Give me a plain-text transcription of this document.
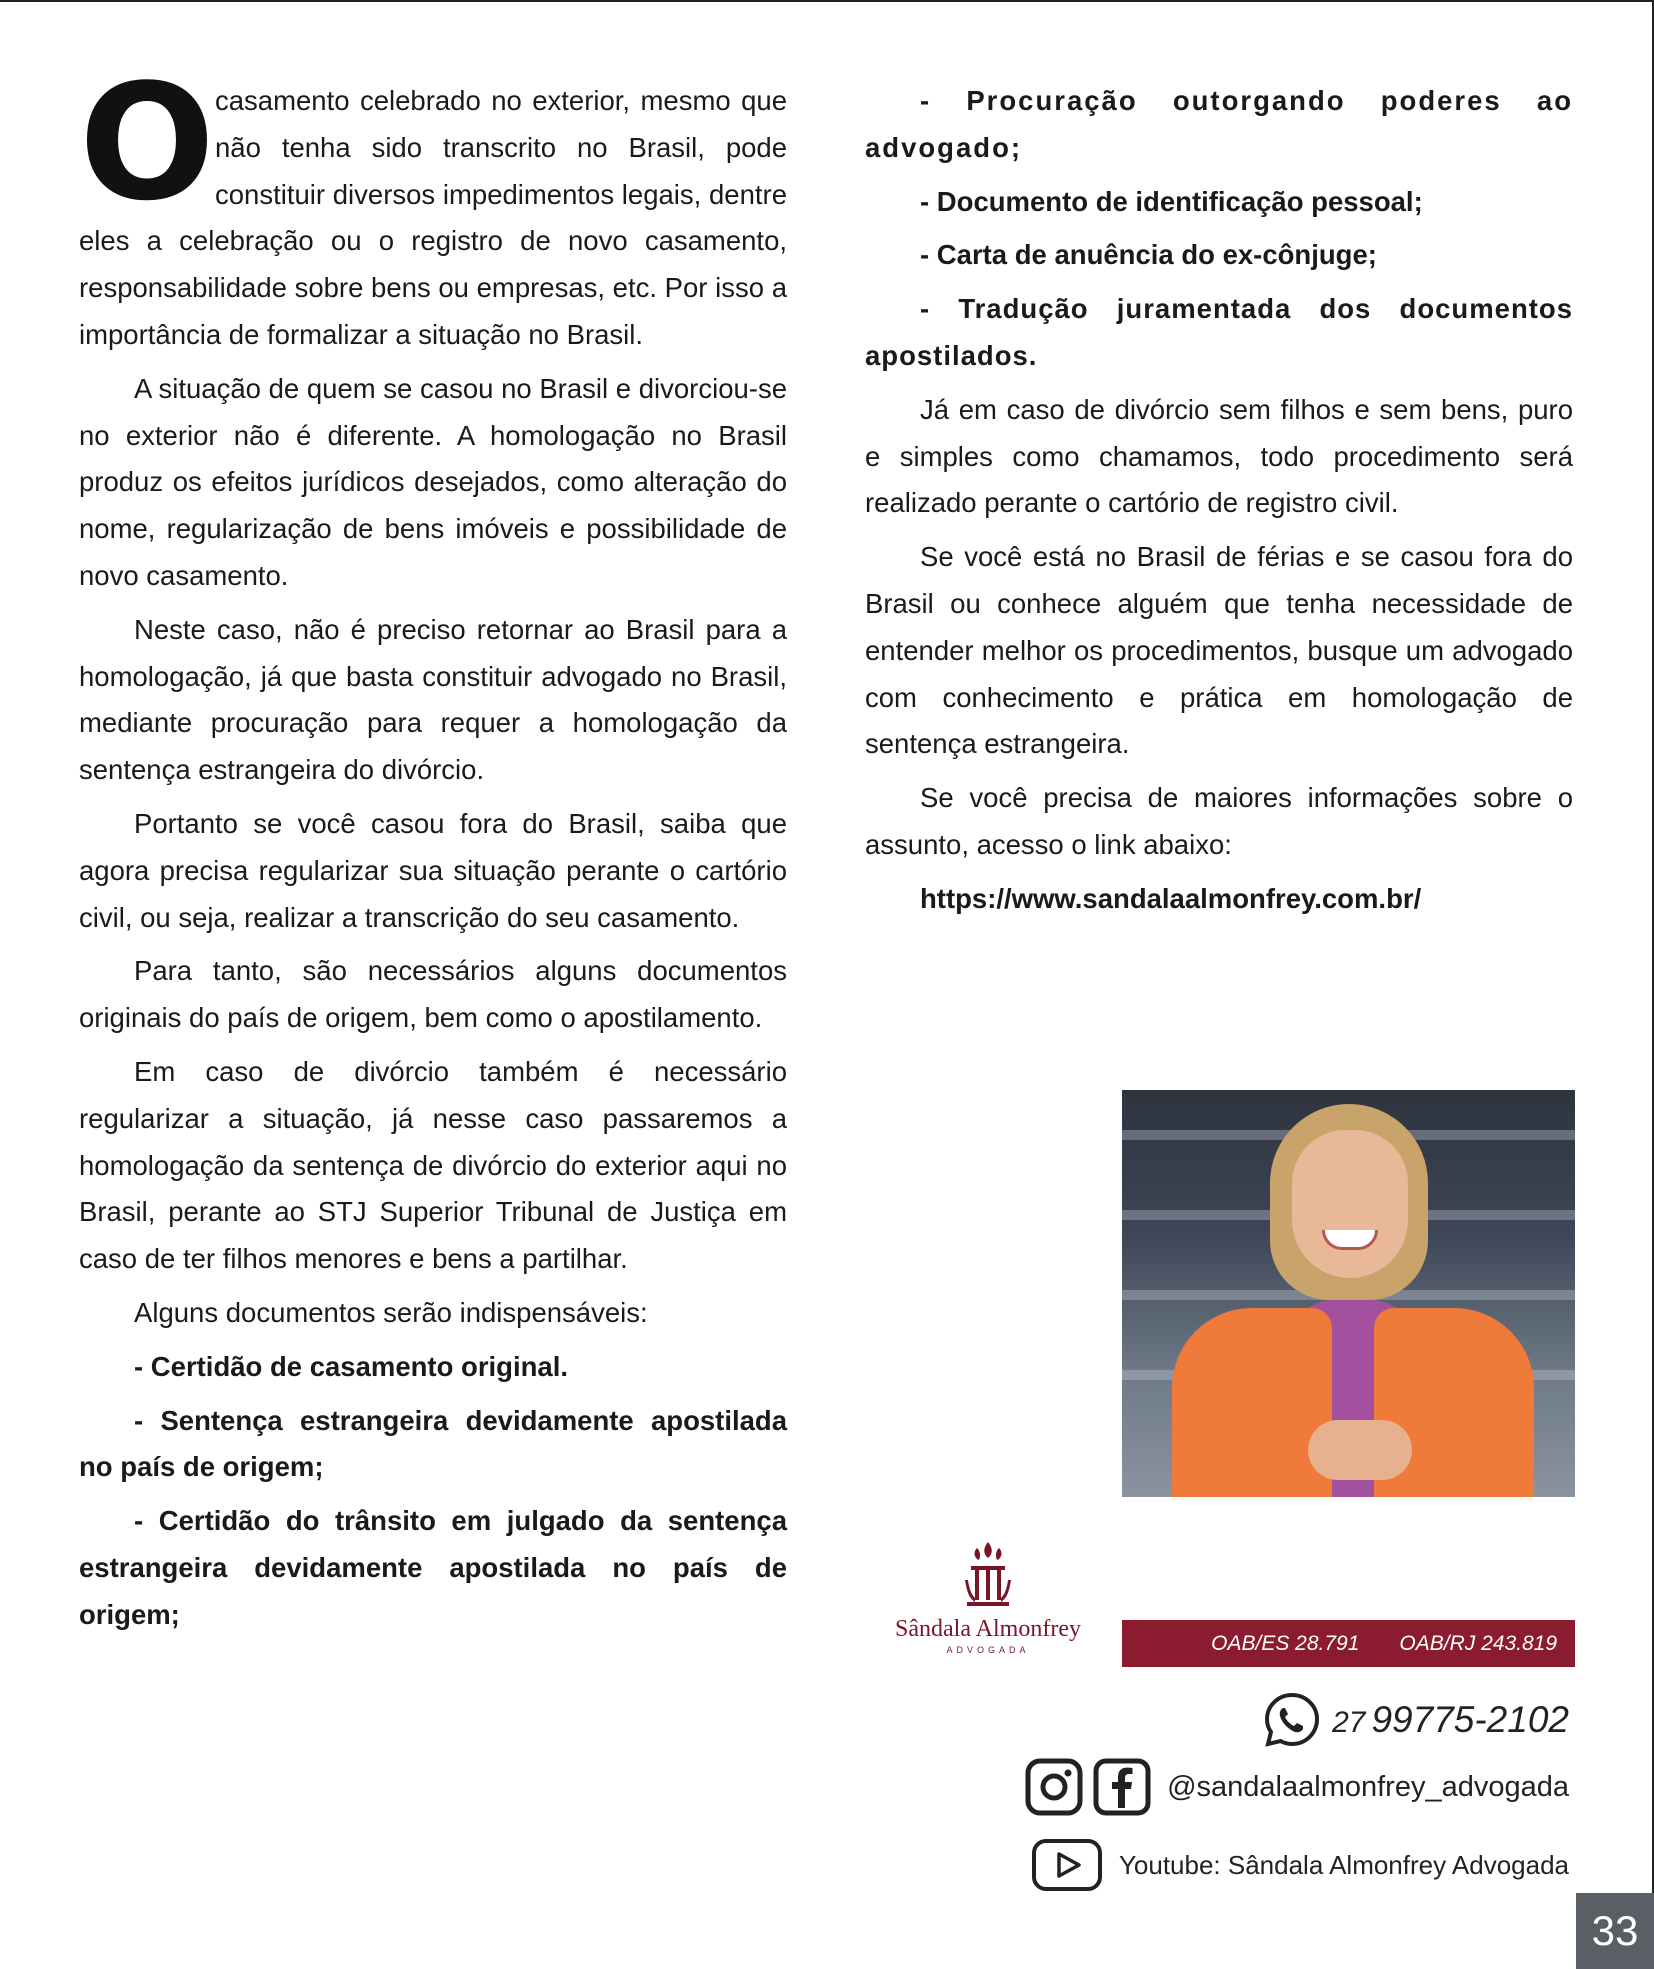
Ocasamento celebrado no exterior, mesmo que não tenha sido transcrito no Brasil, pode constituir diversos impedimentos legais, dentre eles a celebração ou o registro de novo casamento, responsabilidade sobre bens ou empresas, etc. Por isso a importância de formalizar a situação no Brasil.

A situação de quem se casou no Brasil e divorciou-se no exterior não é diferente. A homologação no Brasil produz os efeitos jurídicos desejados, como alteração do nome, regularização de bens imóveis e possibilidade de novo casamento.

Neste caso, não é preciso retornar ao Brasil para a homologação, já que basta constituir advogado no Brasil, mediante procuração para requer a homologação da sentença estrangeira do divórcio.

Portanto se você casou fora do Brasil, saiba que agora precisa regularizar sua situação perante o cartório civil, ou seja, realizar a transcrição do seu casamento.

Para tanto, são necessários alguns documentos originais do país de origem, bem como o apostilamento.

Em caso de divórcio também é necessário regularizar a situação, já nesse caso passaremos a homologação da sentença de divórcio do exterior aqui no Brasil, perante ao STJ Superior Tribunal de Justiça em caso de ter filhos menores e bens a partilhar.

Alguns documentos serão indispensáveis:

- Certidão de casamento original.

- Sentença estrangeira devidamente apostilada no país de origem;

- Certidão do trânsito em julgado da sentença estrangeira devidamente apostilada no país de origem;

- Procuração outorgando poderes ao advogado;

- Documento de identificação pessoal;

- Carta de anuência do ex-cônjuge;

- Tradução juramentada dos documentos apostilados.

Já em caso de divórcio sem filhos e sem bens, puro e simples como chamamos, todo procedimento será realizado perante o cartório de registro civil.

Se você está no Brasil de férias e se casou fora do Brasil ou conhece alguém que tenha necessidade de entender melhor os procedimentos, busque um advogado com conhecimento e prática em homologação de sentença estrangeira.

Se você precisa de maiores informações sobre o assunto, acesso o link abaixo:

https://www.sandalaalmonfrey.com.br/

OAB/ES 28.791 OAB/RJ 243.819
Sândala Almonfrey
ADVOGADA
27 99775-2102
@sandalaalmonfrey_advogada
Youtube: Sândala Almonfrey Advogada
33
